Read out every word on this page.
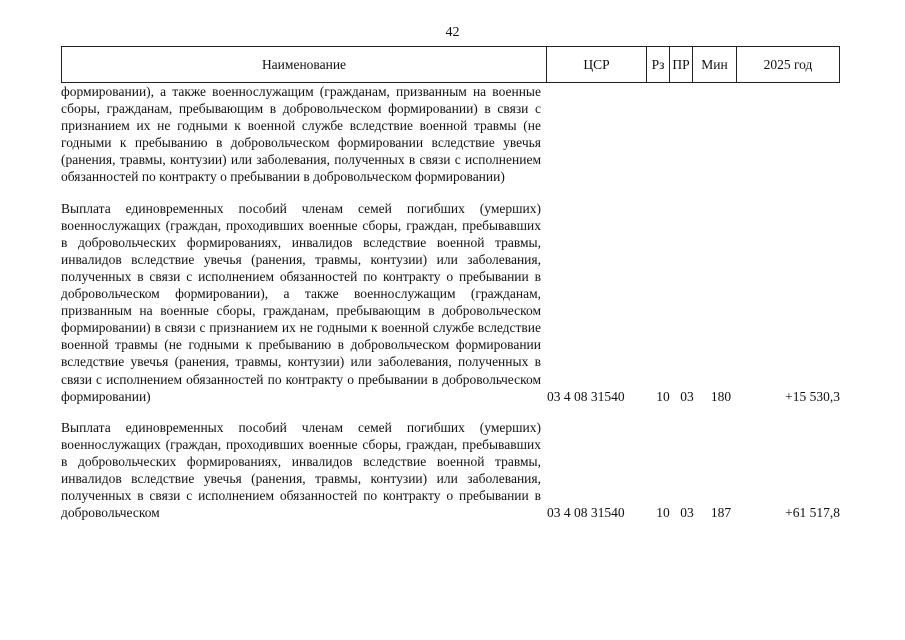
42
Наименование	ЦСР	Рз ПР Мин	2025 год
формировании), а также военнослужащим (гражданам, призванным на военные сборы, гражданам, пребывающим в добровольческом формировании) в связи с признанием их не годными к военной службе вследствие военной травмы (не годными к пребыванию в добровольческом формировании вследствие увечья (ранения, травмы, контузии) или заболевания, полученных в связи с исполнением обязанностей по контракту о пребывании в добровольческом формировании)
Выплата единовременных пособий членам семей погибших (умерших) военнослужащих (граждан, проходивших военные сборы, граждан, пребывавших в добровольческих формированиях, инвалидов вследствие военной травмы, инвалидов вследствие увечья (ранения, травмы, контузии) или заболевания, полученных в связи с исполнением обязанностей по контракту о пребывании в добровольческом формировании), а также военнослужащим (гражданам, призванным на военные сборы, гражданам, пребывающим в добровольческом формировании) в связи с признанием их не годными к военной службе вследствие военной травмы (не годными к пребыванию в добровольческом формировании вследствие увечья (ранения, травмы, контузии) или заболевания, полученных в связи с исполнением обязанностей по контракту о пребывании в добровольческом формировании)	03 4 08 31540	10 03	180	+15 530,3
Выплата единовременных пособий членам семей погибших (умерших) военнослужащих (граждан, проходивших военные сборы, граждан, пребывавших в добровольческих формированиях, инвалидов вследствие военной травмы, инвалидов вследствие увечья (ранения, травмы, контузии) или заболевания, полученных в связи с исполнением обязанностей по контракту о пребывании в добровольческом	03 4 08 31540	10 03	187	+61 517,8
